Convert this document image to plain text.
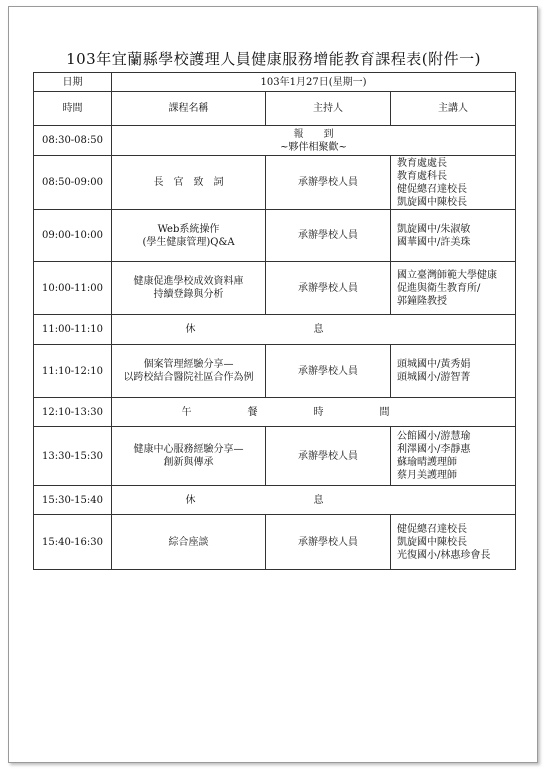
103年宜蘭縣學校護理人員健康服務增能教育課程表(附件一)
日期	103年1月27日(星期一)		
時間	課程名稱	主持人	主講人
08:30-08:50	報　　到
~夥伴相聚歡~		
08:50-09:00	長　官　致　詞	承辦學校人員	教育處處長
教育處科長
健促總召達校長
凱旋國中陳校長
09:00-10:00	Web系統操作
(學生健康管理)Q&A	承辦學校人員	凱旋國中/朱淑敏
國華國中/許美珠
10:00-11:00	健康促進學校成效資料庫
持續登錄與分析	承辦學校人員	國立臺灣師範大學健康
促進與衛生教育所/
郭鐘隆教授
11:00-11:10	休息		
11:10-12:10	個案管理經驗分享—
以跨校結合醫院社區合作為例	承辦學校人員	頭城國中/黃秀娟
頭城國小/游智菁
12:10-13:30	午餐時間		
13:30-15:30	健康中心服務經驗分享—
創新與傳承	承辦學校人員	公館國小/游慧瑜
利澤國小/李靜惠
蘇瑜晴護理師
蔡月美護理師
15:30-15:40	休息		
15:40-16:30	綜合座談	承辦學校人員	健促總召達校長
凱旋國中陳校長
光復國小/林惠珍會長
